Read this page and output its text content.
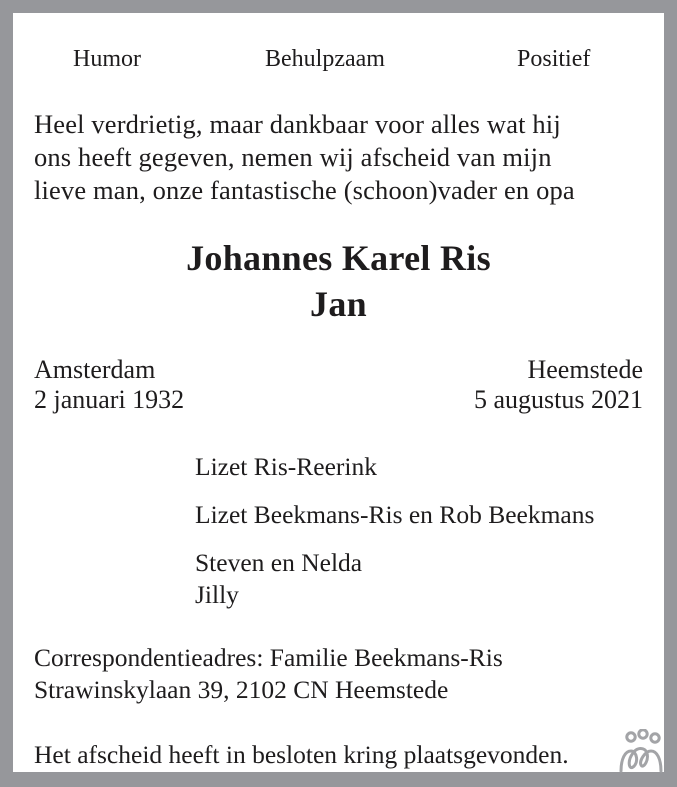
Humor	Behulpzaam	Positief
Heel verdrietig, maar dankbaar voor alles wat hij
ons heeft gegeven, nemen wij afscheid van mijn
lieve man, onze fantastische (schoon)vader en opa
Johannes Karel Ris
Jan
Amsterdam
2 januari 1932
Heemstede
5 augustus 2021
Lizet Ris-Reerink
Lizet Beekmans-Ris en Rob Beekmans
Steven en Nelda
Jilly
Correspondentieadres: Familie Beekmans-Ris
Strawinskylaan 39, 2102 CN Heemstede
Het afscheid heeft in besloten kring plaatsgevonden.
